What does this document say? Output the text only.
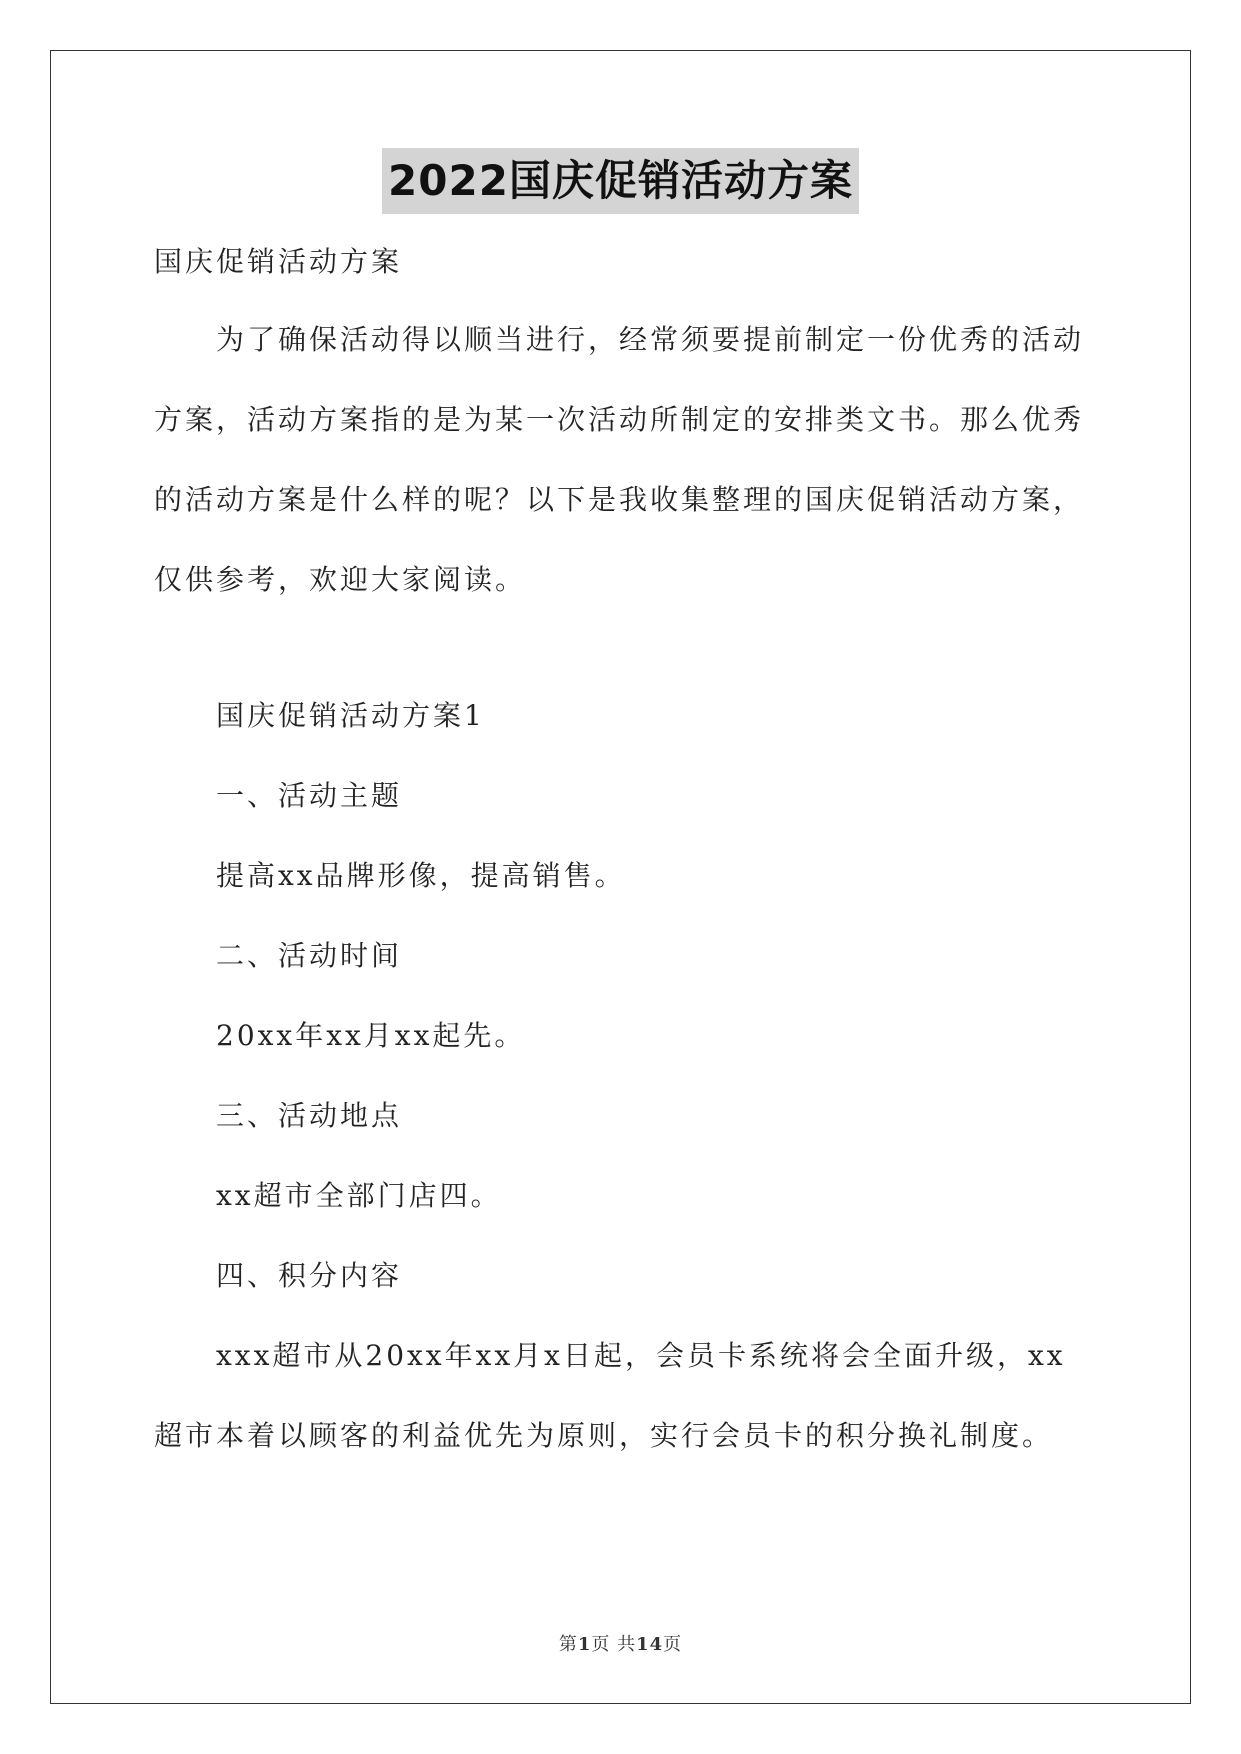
2022国庆促销活动方案

国庆促销活动方案

为了确保活动得以顺当进行，经常须要提前制定一份优秀的活动

方案，活动方案指的是为某一次活动所制定的安排类文书。那么优秀

的活动方案是什么样的呢？以下是我收集整理的国庆促销活动方案，

仅供参考，欢迎大家阅读。

国庆促销活动方案1

一、活动主题

提高xx品牌形像，提高销售。

二、活动时间

20xx年xx月xx起先。

三、活动地点

xx超市全部门店四。

四、积分内容

xxx超市从20xx年xx月x日起，会员卡系统将会全面升级，xx

超市本着以顾客的利益优先为原则，实行会员卡的积分换礼制度。

第1页 共14页
